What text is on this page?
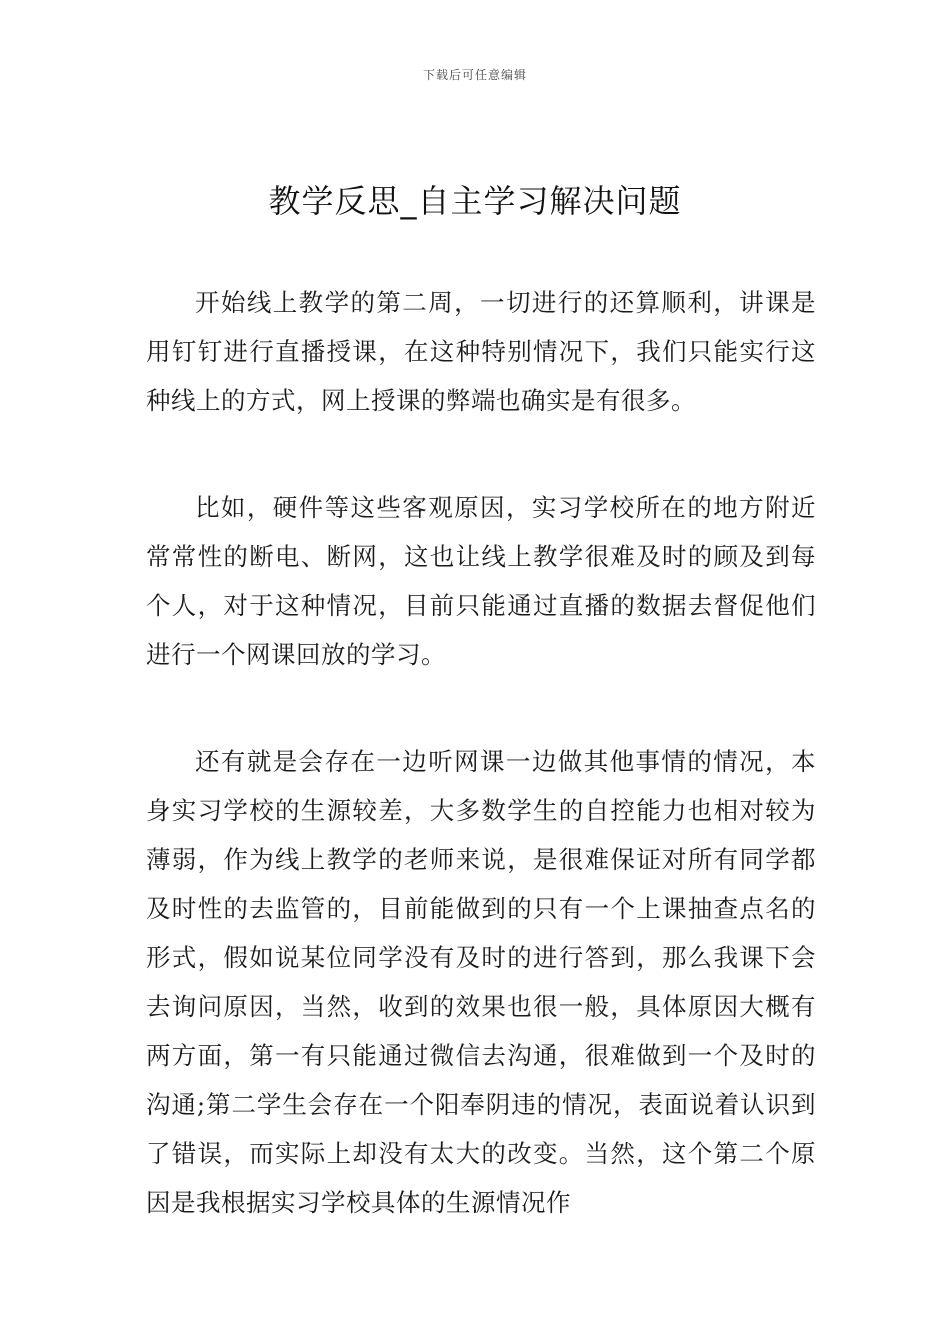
下载后可任意编辑
教学反思_自主学习解决问题

开始线上教学的第二周，一切进行的还算顺利，讲课是用钉钉进行直播授课，在这种特别情况下，我们只能实行这种线上的方式，网上授课的弊端也确实是有很多。

比如，硬件等这些客观原因，实习学校所在的地方附近常常性的断电、断网，这也让线上教学很难及时的顾及到每个人，对于这种情况，目前只能通过直播的数据去督促他们进行一个网课回放的学习。

还有就是会存在一边听网课一边做其他事情的情况，本身实习学校的生源较差，大多数学生的自控能力也相对较为薄弱，作为线上教学的老师来说，是很难保证对所有同学都及时性的去监管的，目前能做到的只有一个上课抽查点名的形式，假如说某位同学没有及时的进行答到，那么我课下会去询问原因，当然，收到的效果也很一般，具体原因大概有两方面，第一有只能通过微信去沟通，很难做到一个及时的沟通;第二学生会存在一个阳奉阴违的情况，表面说着认识到了错误，而实际上却没有太大的改变。当然，这个第二个原因是我根据实习学校具体的生源情况作
